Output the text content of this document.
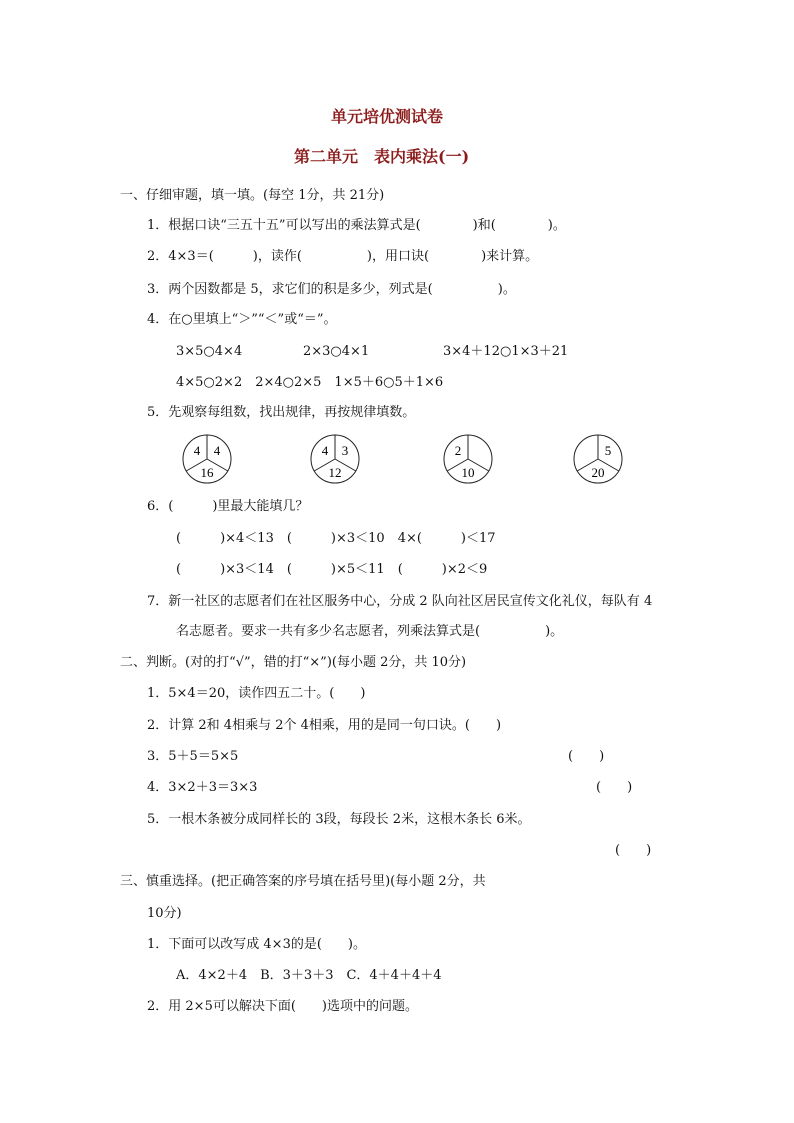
单元培优测试卷
第二单元　表内乘法(一)
一、仔细审题，填一填。(每空 1分，共 21分)
1．根据口诀“三五十五”可以写出的乘法算式是(　　　　)和(　　　　)。
2．4×3＝(　　　)，读作(　　　　　)，用口诀(　　　　)来计算。
3．两个因数都是 5，求它们的积是多少，列式是(　　　　　)。
4．在○里填上“＞”“＜”或“＝”。
3×5○4×4	2×3○4×1	3×4＋12○1×3＋21
4×5○2×2　2×4○2×5　1×5＋6○5＋1×6
5．先观察每组数，找出规律，再按规律填数。
4 4
16
4 3
12
2
10
5
20
6．(　　　)里最大能填几？
(　　　)×4＜13　(　　　)×3＜10　4×(　　　)＜17
(　　　)×3＜14　(　　　)×5＜11　(　　　)×2＜9
7．新一社区的志愿者们在社区服务中心，分成 2 队向社区居民宣传文化礼仪，每队有 4
名志愿者。要求一共有多少名志愿者，列乘法算式是(　　　　　)。
二、判断。(对的打“√”，错的打“×”)(每小题 2分，共 10分)
1．5×4＝20，读作四五二十。(　　)
2．计算 2和 4相乘与 2个 4相乘，用的是同一句口诀。(　　)
3．5＋5＝5×5	(　　)
4．3×2＋3＝3×3	(　　)
5．一根木条被分成同样长的 3段，每段长 2米，这根木条长 6米。
(　　)
三、慎重选择。(把正确答案的序号填在括号里)(每小题 2分，共
10分)
1．下面可以改写成 4×3的是(　　)。
A．4×2＋4　B．3＋3＋3　C．4＋4＋4＋4
2．用 2×5可以解决下面(　　)选项中的问题。
